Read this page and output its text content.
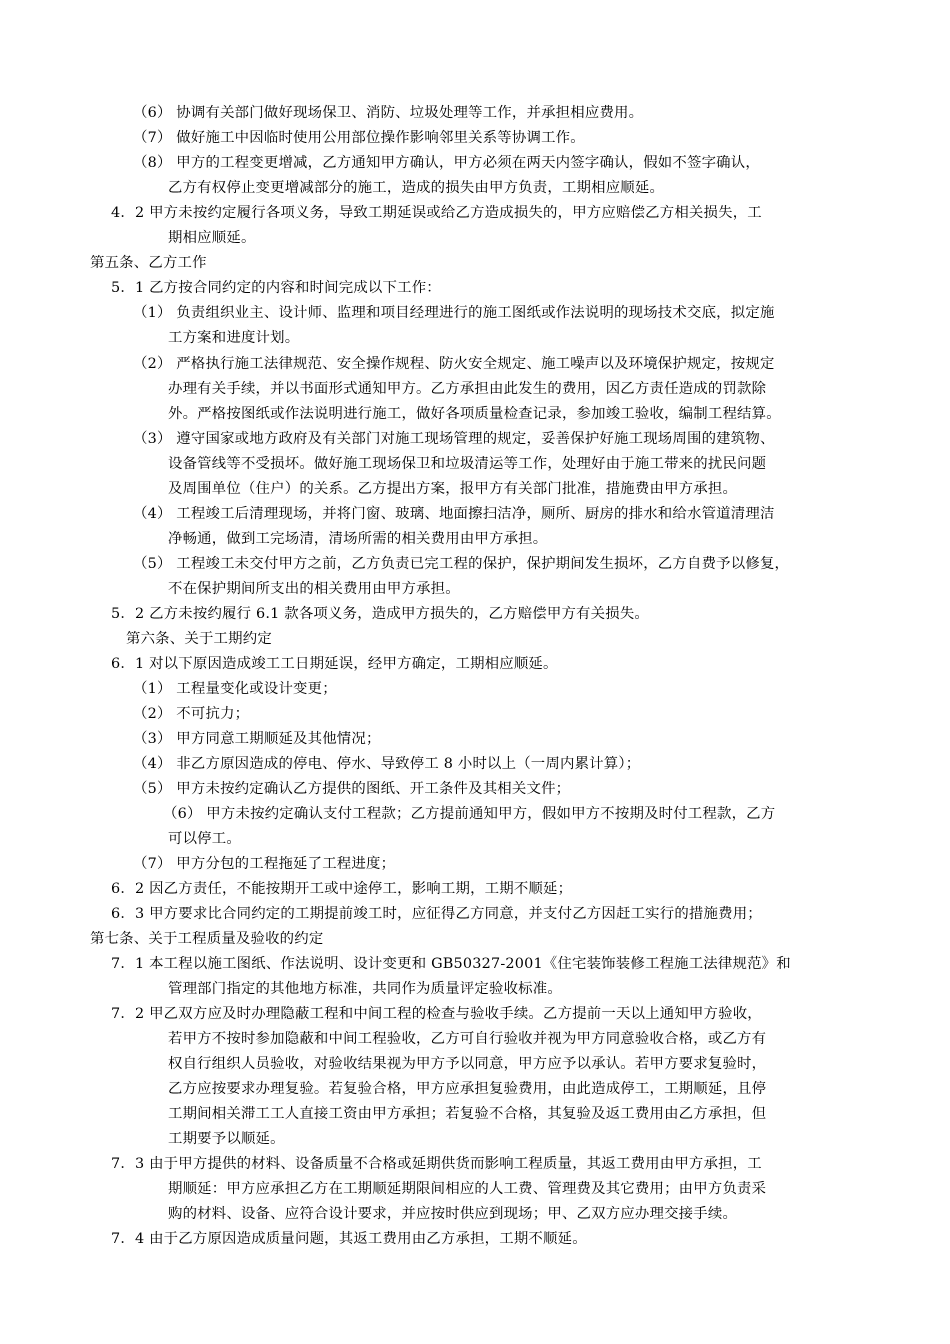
（6） 协调有关部门做好现场保卫、消防、垃圾处理等工作，并承担相应费用。
（7） 做好施工中因临时使用公用部位操作影响邻里关系等协调工作。
（8） 甲方的工程变更增减，乙方通知甲方确认，甲方必须在两天内签字确认，假如不签字确认，
乙方有权停止变更增减部分的施工，造成的损失由甲方负责，工期相应顺延。
4．2 甲方未按约定履行各项义务，导致工期延误或给乙方造成损失的，甲方应赔偿乙方相关损失，工
期相应顺延。
第五条、乙方工作
5．1 乙方按合同约定的内容和时间完成以下工作：
（1） 负责组织业主、设计师、监理和项目经理进行的施工图纸或作法说明的现场技术交底，拟定施
工方案和进度计划。
（2） 严格执行施工法律规范、安全操作规程、防火安全规定、施工噪声以及环境保护规定，按规定
办理有关手续，并以书面形式通知甲方。乙方承担由此发生的费用，因乙方责任造成的罚款除
外。严格按图纸或作法说明进行施工，做好各项质量检查记录，参加竣工验收，编制工程结算。
（3） 遵守国家或地方政府及有关部门对施工现场管理的规定，妥善保护好施工现场周围的建筑物、
设备管线等不受损坏。做好施工现场保卫和垃圾清运等工作，处理好由于施工带来的扰民问题
及周围单位（住户）的关系。乙方提出方案，报甲方有关部门批准，措施费由甲方承担。
（4） 工程竣工后清理现场，并将门窗、玻璃、地面擦扫洁净，厕所、厨房的排水和给水管道清理洁
净畅通，做到工完场清，清场所需的相关费用由甲方承担。
（5） 工程竣工未交付甲方之前，乙方负责已完工程的保护，保护期间发生损坏，乙方自费予以修复，
不在保护期间所支出的相关费用由甲方承担。
5．2 乙方未按约履行 6.1 款各项义务，造成甲方损失的，乙方赔偿甲方有关损失。
第六条、关于工期约定
6．1 对以下原因造成竣工工日期延误，经甲方确定，工期相应顺延。
（1） 工程量变化或设计变更；
（2） 不可抗力；
（3） 甲方同意工期顺延及其他情况；
（4） 非乙方原因造成的停电、停水、导致停工 8 小时以上（一周内累计算）；
（5） 甲方未按约定确认乙方提供的图纸、开工条件及其相关文件；
（6） 甲方未按约定确认支付工程款；乙方提前通知甲方，假如甲方不按期及时付工程款，乙方
可以停工。
（7） 甲方分包的工程拖延了工程进度；
6．2 因乙方责任，不能按期开工或中途停工，影响工期，工期不顺延；
6．3 甲方要求比合同约定的工期提前竣工时，应征得乙方同意，并支付乙方因赶工实行的措施费用；
第七条、关于工程质量及验收的约定
7．1 本工程以施工图纸、作法说明、设计变更和 GB50327-2001《住宅装饰装修工程施工法律规范》和
管理部门指定的其他地方标准，共同作为质量评定验收标准。
7．2 甲乙双方应及时办理隐蔽工程和中间工程的检查与验收手续。乙方提前一天以上通知甲方验收，
若甲方不按时参加隐蔽和中间工程验收，乙方可自行验收并视为甲方同意验收合格，或乙方有
权自行组织人员验收，对验收结果视为甲方予以同意，甲方应予以承认。若甲方要求复验时，
乙方应按要求办理复验。若复验合格，甲方应承担复验费用，由此造成停工，工期顺延，且停
工期间相关滞工工人直接工资由甲方承担；若复验不合格，其复验及返工费用由乙方承担，但
工期要予以顺延。
7．3 由于甲方提供的材料、设备质量不合格或延期供货而影响工程质量，其返工费用由甲方承担，工
期顺延：甲方应承担乙方在工期顺延期限间相应的人工费、管理费及其它费用；由甲方负责采
购的材料、设备、应符合设计要求，并应按时供应到现场；甲、乙双方应办理交接手续。
7．4 由于乙方原因造成质量问题，其返工费用由乙方承担，工期不顺延。
